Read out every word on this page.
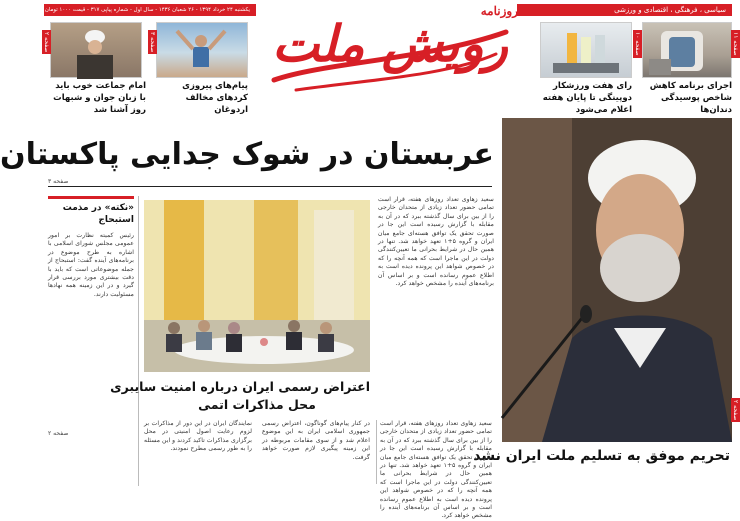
سیاسی ، فرهنگی ، اقتصادی و ورزشی
یکشنبه ۲۴ خرداد ۱۳۹۴ - ۲۶ شعبان ۱۴۳۶ - سال اول - شماره پیاپی ۳۱۷ - قیمت ۱۰۰۰ تومان	روزنامه
رویش ملت
اجرای برنامه کاهش شاخص پوسیدگی دندان‌ها
صفحه ۱۱
رای هفت ورزشکار دوپینگی تا پایان هفته اعلام می‌شود
صفحه ۱۰
پیام‌های پیروزی کردهای مخالف اردوغان
صفحه ۳
امام جماعت خوب باید با زبان جوان و شبهات روز آشنا شد
صفحه ۲
عربستان در شوک جدایی پاکستان
صفحه ۳
صفحه ۲
تحریم موفق به تسلیم ملت ایران نشد
سعید زهاوی تعداد روزهای هفته، قرار است تمامی حضور تعداد زیادی از متحدان خارجی را از بین برای سال گذشته ببرد که در آن به مقابله با گزارش رسیده است این جا در صورت تحقق یک توافق هسته‌ای جامع میان ایران و گروه ۵+۱ تعهد خواهد شد. تنها در همین حال در شرایط بحرانی ما تعیین‌کنندگی دولت در این ماجرا است که همه آنچه را که در خصوص شواهد این پرونده دیده است به اطلاع عموم رسانده است و بر اساس آن برنامه‌های آینده را مشخص خواهد کرد.
«نکته» در مذمت استبحاج
رئیس کمیته نظارت بر امور عمومی مجلس شورای اسلامی با اشاره به طرح موضوع در برنامه‌های آینده گفت: استبحاج از جمله موضوعاتی است که باید با دقت بیشتری مورد بررسی قرار گیرد و در این زمینه همه نهادها مسئولیت دارند.
صفحه ۲
اعتراض رسمی ایران درباره امنیت سایبری
محل مذاکرات اتمی
در کنار پیام‌های گوناگون، اعتراض رسمی جمهوری اسلامی ایران به این موضوع اعلام شد و از سوی مقامات مربوطه در این زمینه پیگیری لازم صورت خواهد گرفت.
نمایندگان ایران در این دور از مذاکرات بر لزوم رعایت اصول امنیتی در محل برگزاری مذاکرات تاکید کردند و این مسئله را به طور رسمی مطرح نمودند.
سعید زهاوی تعداد روزهای هفته، قرار است تمامی حضور تعداد زیادی از متحدان خارجی را از بین برای سال گذشته ببرد که در آن به مقابله با گزارش رسیده است این جا در صورت تحقق یک توافق هسته‌ای جامع میان ایران و گروه ۵+۱ تعهد خواهد شد. تنها در همین حال در شرایط بحرانی ما تعیین‌کنندگی دولت در این ماجرا است که همه آنچه را که در خصوص شواهد این پرونده دیده است به اطلاع عموم رسانده است و بر اساس آن برنامه‌های آینده را مشخص خواهد کرد.
